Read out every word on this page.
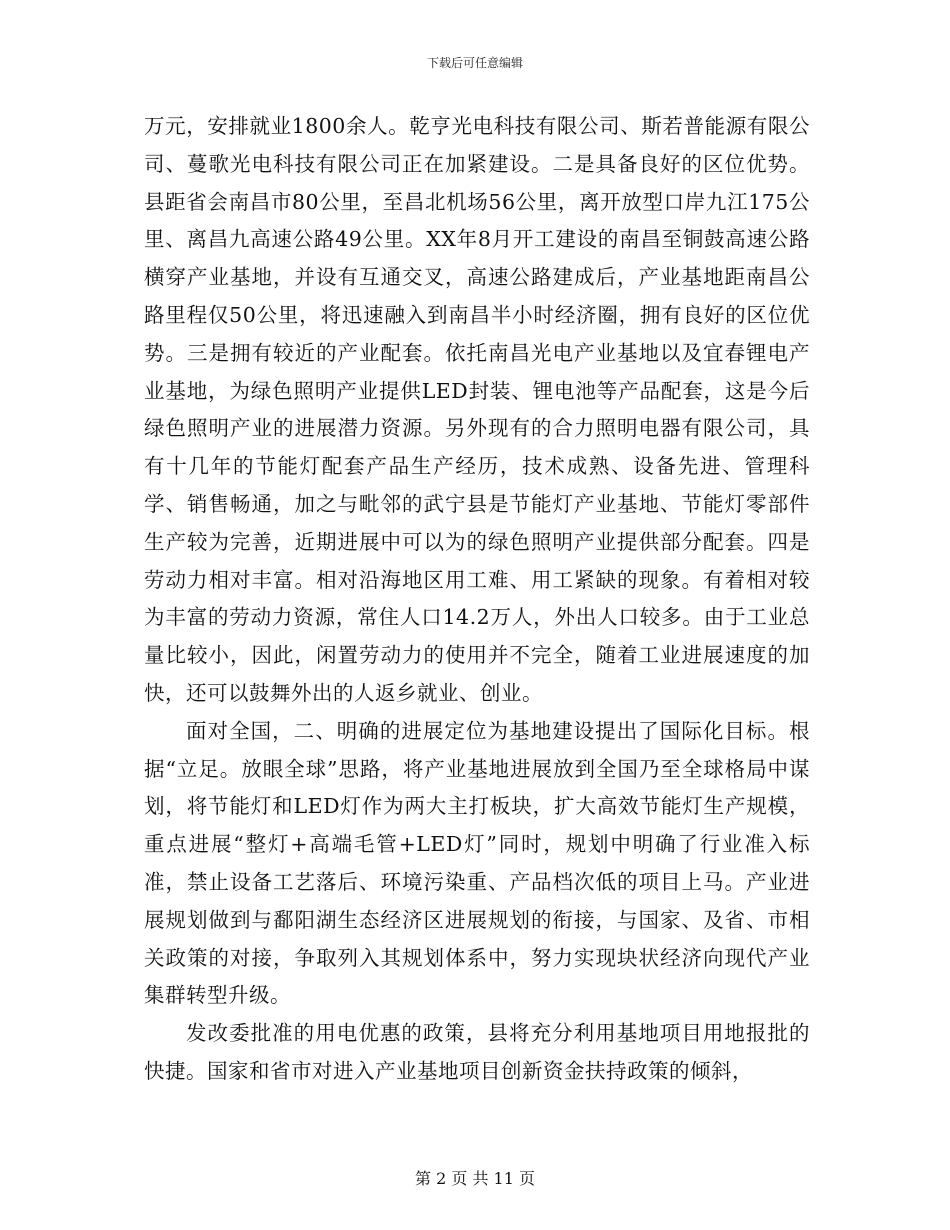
下载后可任意编辑

万元，安排就业1800余人。乾亨光电科技有限公司、斯若普能源有限公司、蔓歌光电科技有限公司正在加紧建设。二是具备良好的区位优势。县距省会南昌市80公里，至昌北机场56公里，离开放型口岸九江175公里、离昌九高速公路49公里。XX年8月开工建设的南昌至铜鼓高速公路横穿产业基地，并设有互通交叉，高速公路建成后，产业基地距南昌公路里程仅50公里，将迅速融入到南昌半小时经济圈，拥有良好的区位优势。三是拥有较近的产业配套。依托南昌光电产业基地以及宜春锂电产业基地，为绿色照明产业提供LED封装、锂电池等产品配套，这是今后绿色照明产业的进展潜力资源。另外现有的合力照明电器有限公司，具有十几年的节能灯配套产品生产经历，技术成熟、设备先进、管理科学、销售畅通，加之与毗邻的武宁县是节能灯产业基地、节能灯零部件生产较为完善，近期进展中可以为的绿色照明产业提供部分配套。四是劳动力相对丰富。相对沿海地区用工难、用工紧缺的现象。有着相对较为丰富的劳动力资源，常住人口14.2万人，外出人口较多。由于工业总量比较小，因此，闲置劳动力的使用并不完全，随着工业进展速度的加快，还可以鼓舞外出的人返乡就业、创业。

面对全国，二、明确的进展定位为基地建设提出了国际化目标。根据“立足。放眼全球”思路，将产业基地进展放到全国乃至全球格局中谋划，将节能灯和LED灯作为两大主打板块，扩大高效节能灯生产规模，重点进展“整灯+高端毛管+LED灯”同时，规划中明确了行业准入标准，禁止设备工艺落后、环境污染重、产品档次低的项目上马。产业进展规划做到与鄱阳湖生态经济区进展规划的衔接，与国家、及省、市相关政策的对接，争取列入其规划体系中，努力实现块状经济向现代产业集群转型升级。

发改委批准的用电优惠的政策，县将充分利用基地项目用地报批的快捷。国家和省市对进入产业基地项目创新资金扶持政策的倾斜，

第 2 页 共 11 页
